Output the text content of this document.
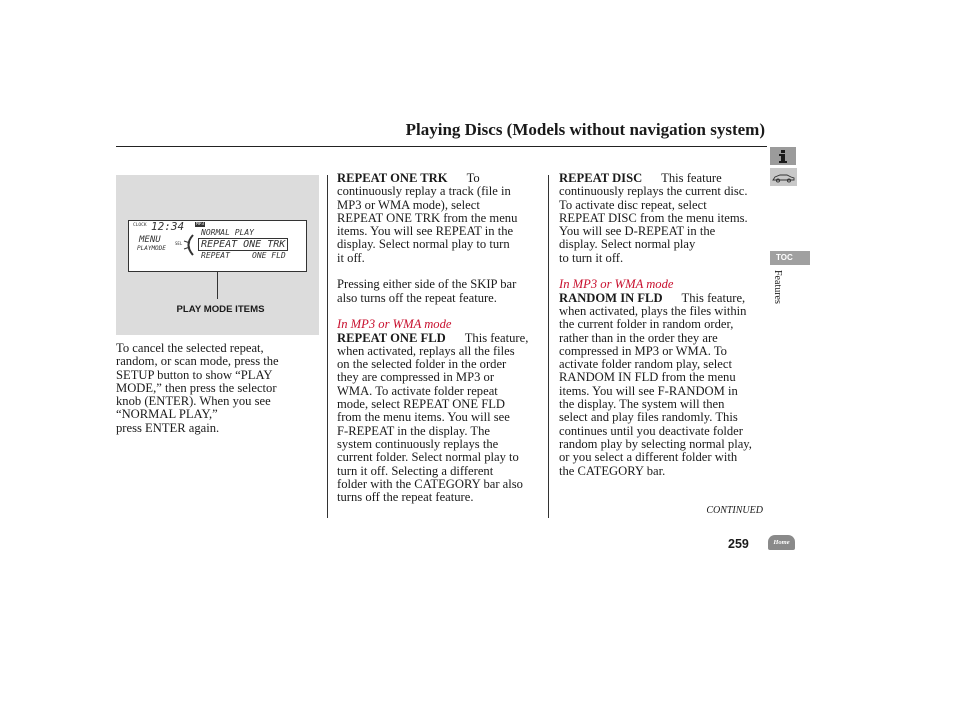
Playing Discs (Models without navigation system)
CLOCK 12:34	MP3
MENU
PLAYMODE
SEL
NORMAL PLAY
REPEAT ONE TRK
REPEAT	ONE FLD
PLAY MODE ITEMS
To cancel the selected repeat,
random, or scan mode, press the
SETUP button to show “PLAY
MODE,” then press the selector
knob (ENTER). When you see
“NORMAL PLAY,”
press ENTER again.
REPEAT ONE TRK To
continuously replay a track (file in
MP3 or WMA mode), select
REPEAT ONE TRK from the menu
items. You will see REPEAT in the
display. Select normal play to turn
it off.
Pressing either side of the SKIP bar
also turns off the repeat feature.
In MP3 or WMA mode
REPEAT ONE FLD This feature,
when activated, replays all the files
on the selected folder in the order
they are compressed in MP3 or
WMA. To activate folder repeat
mode, select REPEAT ONE FLD
from the menu items. You will see
F-REPEAT in the display. The
system continuously replays the
current folder. Select normal play to
turn it off. Selecting a different
folder with the CATEGORY bar also
turns off the repeat feature.
REPEAT DISC This feature
continuously replays the current disc.
To activate disc repeat, select
REPEAT DISC from the menu items.
You will see D-REPEAT in the
display. Select normal play
to turn it off.
In MP3 or WMA mode
RANDOM IN FLD This feature,
when activated, plays the files within
the current folder in random order,
rather than in the order they are
compressed in MP3 or WMA. To
activate folder random play, select
RANDOM IN FLD from the menu
items. You will see F-RANDOM in
the display. The system will then
select and play files randomly. This
continues until you deactivate folder
random play by selecting normal play,
or you select a different folder with
the CATEGORY bar.
TOC
Features
CONTINUED
259	Home
